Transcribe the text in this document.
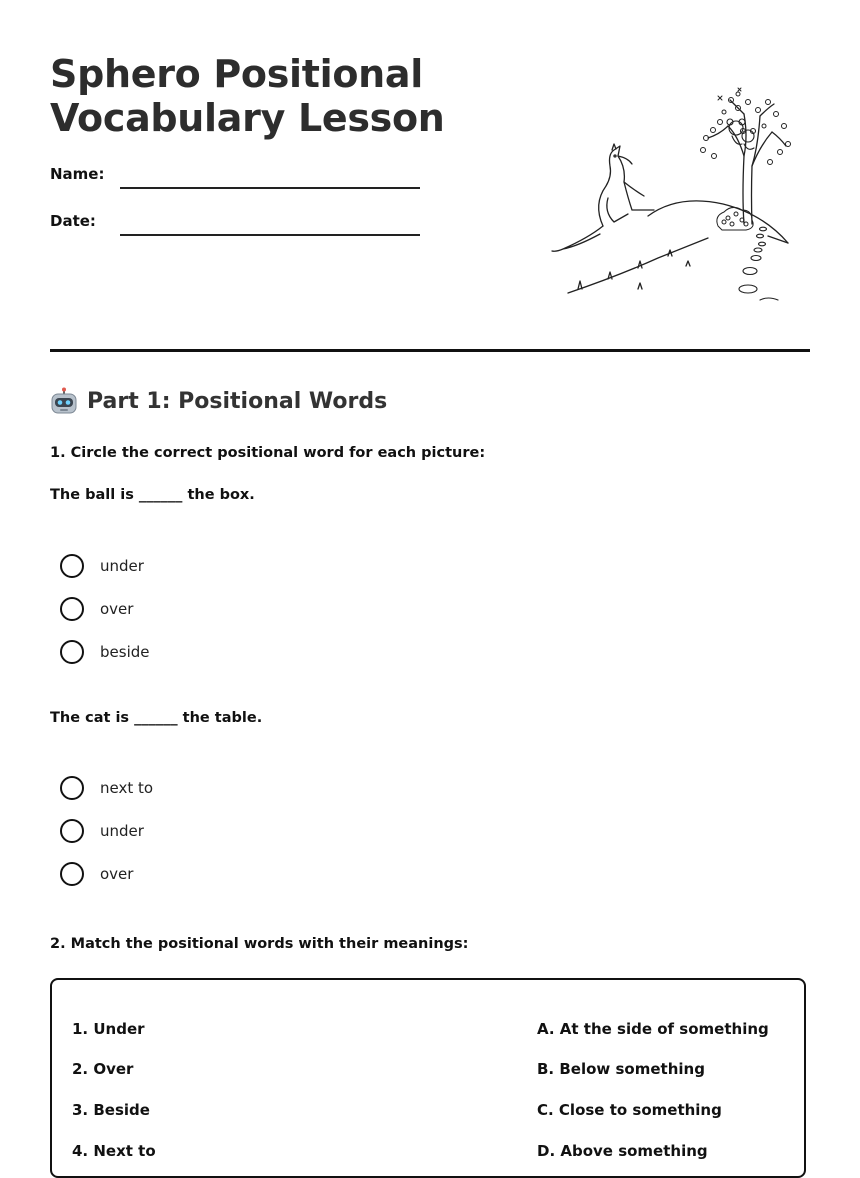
Sphero Positional
Vocabulary Lesson
Name:
Date:
Part 1: Positional Words
1. Circle the correct positional word for each picture:
The ball is ______ the box.
under
over
beside
The cat is ______ the table.
next to
under
over
2. Match the positional words with their meanings:
1. Under
2. Over
3. Beside
4. Next to
A. At the side of something
B. Below something
C. Close to something
D. Above something
